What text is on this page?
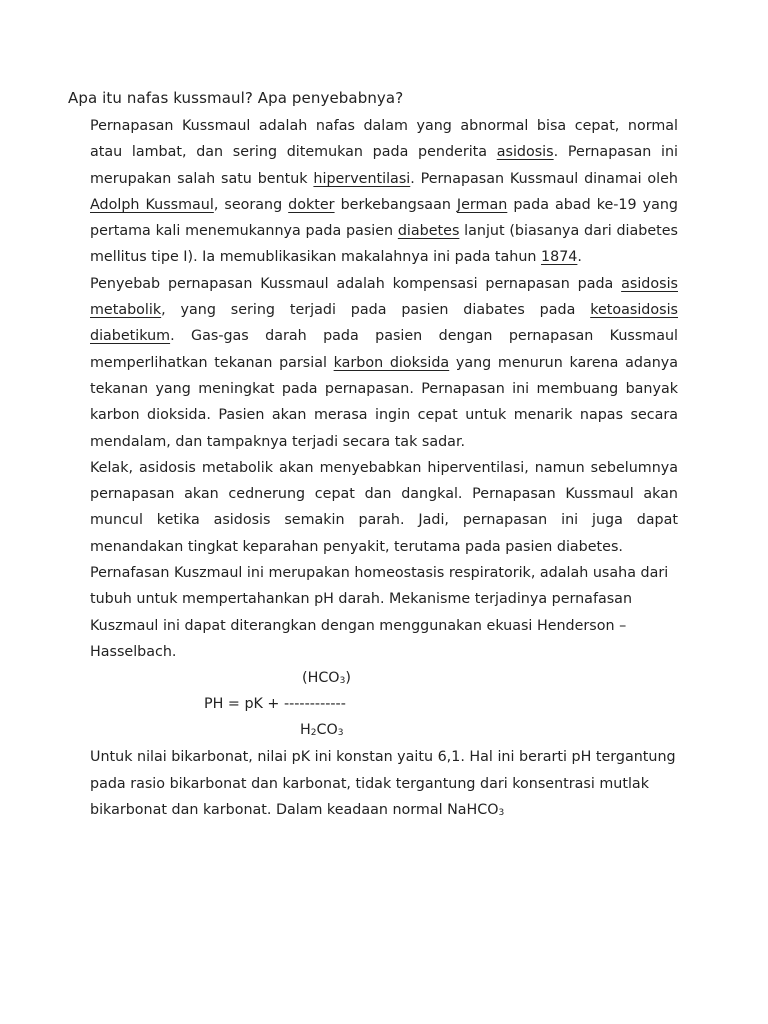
Apa itu nafas kussmaul? Apa penyebabnya?

Pernapasan Kussmaul adalah nafas dalam yang abnormal bisa cepat, normal atau lambat, dan sering ditemukan pada penderita asidosis. Pernapasan ini merupakan salah satu bentuk hiperventilasi. Pernapasan Kussmaul dinamai oleh Adolph Kussmaul, seorang dokter berkebangsaan Jerman pada abad ke-19 yang pertama kali menemukannya pada pasien diabetes lanjut (biasanya dari diabetes mellitus tipe I). Ia memublikasikan makalahnya ini pada tahun 1874.

Penyebab pernapasan Kussmaul adalah kompensasi pernapasan pada asidosis metabolik, yang sering terjadi pada pasien diabates pada ketoasidosis diabetikum. Gas-gas darah pada pasien dengan pernapasan Kussmaul memperlihatkan tekanan parsial karbon dioksida yang menurun karena adanya tekanan yang meningkat pada pernapasan. Pernapasan ini membuang banyak karbon dioksida. Pasien akan merasa ingin cepat untuk menarik napas secara mendalam, dan tampaknya terjadi secara tak sadar.

Kelak, asidosis metabolik akan menyebabkan hiperventilasi, namun sebelumnya pernapasan akan cednerung cepat dan dangkal. Pernapasan Kussmaul akan muncul ketika asidosis semakin parah. Jadi, pernapasan ini juga dapat menandakan tingkat keparahan penyakit, terutama pada pasien diabetes.

Pernafasan Kuszmaul ini merupakan homeostasis respiratorik, adalah usaha dari tubuh untuk mempertahankan pH darah. Mekanisme terjadinya pernafasan Kuszmaul ini dapat diterangkan dengan menggunakan ekuasi Henderson – Hasselbach.

$(HCO_3)$
PH = pK + ------------
$H_2CO_3$

Untuk nilai bikarbonat, nilai pK ini konstan yaitu 6,1. Hal ini berarti pH tergantung pada rasio bikarbonat dan karbonat, tidak tergantung dari konsentrasi mutlak bikarbonat dan karbonat. Dalam keadaan normal NaHCO$_3$
